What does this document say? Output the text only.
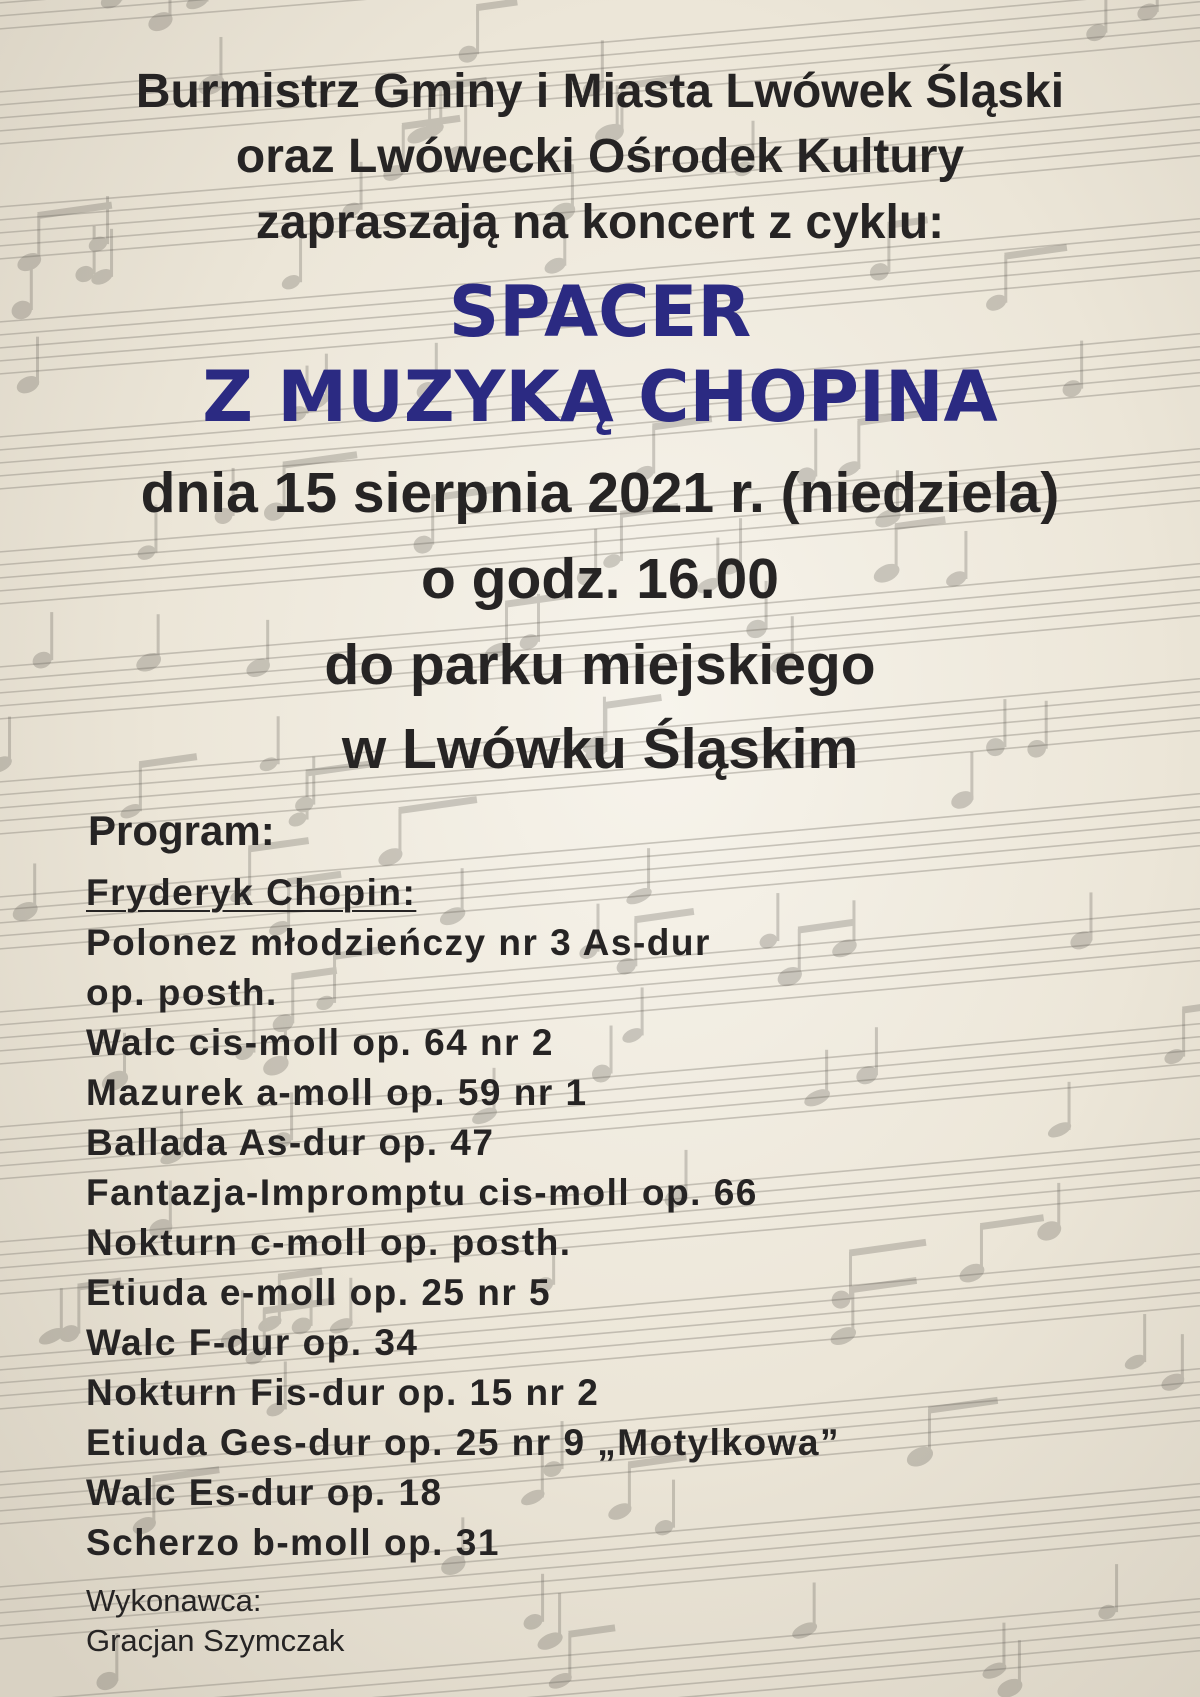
Burmistrz Gminy i Miasta Lwówek Śląski
oraz Lwówecki Ośrodek Kultury
zapraszają na koncert z cyklu:
SPACER
Z MUZYKĄ CHOPINA
dnia 15 sierpnia 2021 r. (niedziela)
o godz. 16.00
do parku miejskiego
w Lwówku Śląskim
Program:
Fryderyk Chopin:
Polonez młodzieńczy nr 3 As-dur
op. posth.
Walc cis-moll op. 64 nr 2
Mazurek a-moll op. 59 nr 1
Ballada As-dur op. 47
Fantazja-Impromptu cis-moll op. 66
Nokturn c-moll op. posth.
Etiuda e-moll op. 25 nr 5
Walc F-dur op. 34
Nokturn Fis-dur op. 15 nr 2
Etiuda Ges-dur op. 25 nr 9 „Motylkowa”
Walc Es-dur op. 18
Scherzo b-moll op. 31
Wykonawca:
Gracjan Szymczak
